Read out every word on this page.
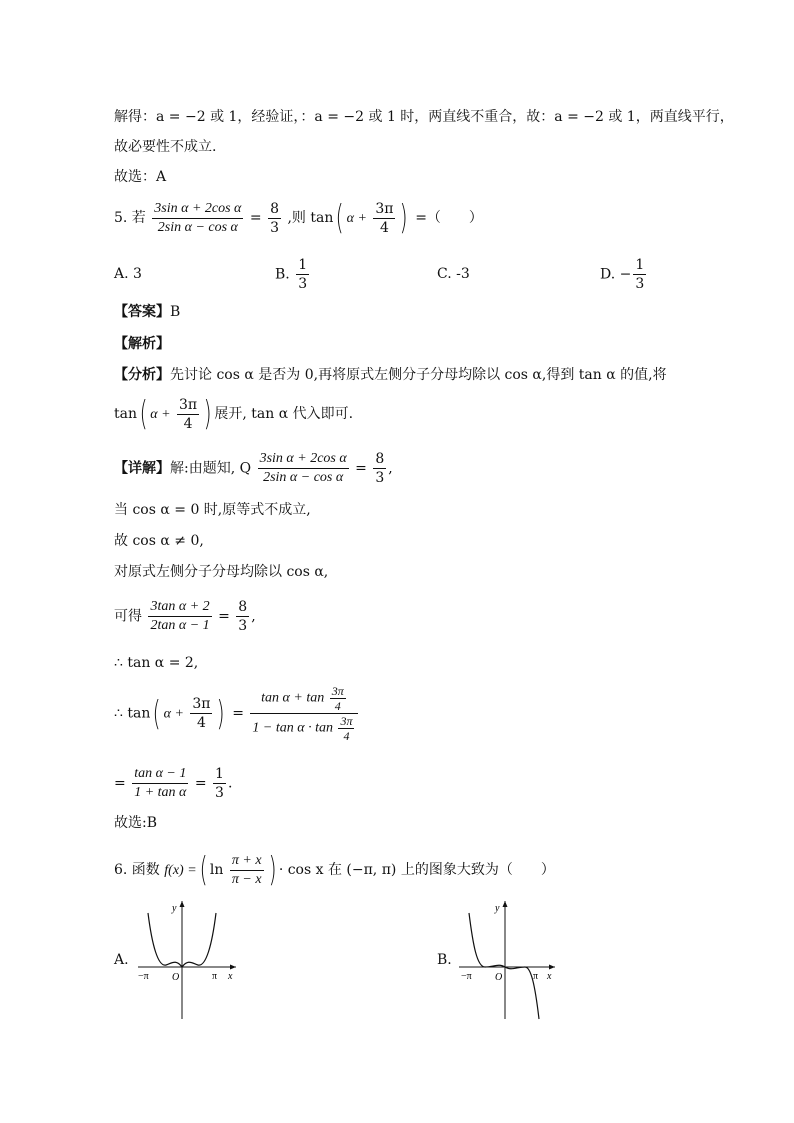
解得：a = −2 或 1，经验证，：a = −2 或 1 时，两直线不重合，故：a = −2 或 1，两直线平行，
故必要性不成立.
故选：A
5. 若 $\frac{\text{3sin α + 2cos α}}{\text{2sin α − cos α}} = \frac{8}{3}$ ,则 tan( $\alpha + \frac{3\pi}{4}$ ) =（　　）
A. 3	B. $\frac{1}{3}$	C. -3	D. − $\frac{1}{3}$
【答案】B
【解析】
【分析】先讨论 cos α 是否为 0,再将原式左侧分子分母均除以 cos α,得到 tan α 的值,将
tan( $\alpha + \frac{3\pi}{4}$ ) 展开, tan α 代入即可.
【详解】解:由题知, Q $\frac{\text{3sin α + 2cos α}}{\text{2sin α − cos α}} = \frac{8}{3}$ ,
当 cos α = 0 时,原等式不成立,
故 cos α ≠ 0,
对原式左侧分子分母均除以 cos α,
可得 $\frac{\text{3tan α + 2}}{\text{2tan α − 1}} = \frac{8}{3}$ ,
∴ tan α = 2,
∴ tan( $\alpha + \frac{3\pi}{4}$ ) = $\frac{\tan \alpha + \tan \frac{3\pi}{4}}{1 - \tan \alpha \cdot \tan \frac{3\pi}{4}}$
= $\frac{\text{tan α − 1}}{\text{1 + tan α}} = \frac{1}{3}$ .
故选:B
6. 函数 f(x) =( $\ln \frac{\pi + x}{\pi - x}$ ) · cos x 在 (−π, π) 上的图象大致为（　　）
A.
y
x
O
−π	π
B.
y
x
O
−π	π
